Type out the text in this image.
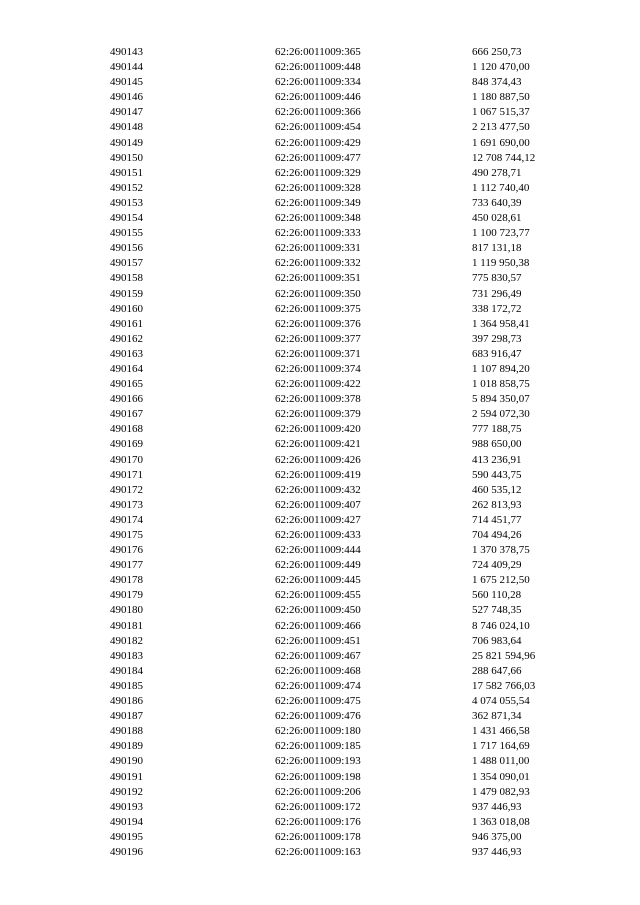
490143	62:26:0011009:365	666 250,73
490144	62:26:0011009:448	1 120 470,00
490145	62:26:0011009:334	848 374,43
490146	62:26:0011009:446	1 180 887,50
490147	62:26:0011009:366	1 067 515,37
490148	62:26:0011009:454	2 213 477,50
490149	62:26:0011009:429	1 691 690,00
490150	62:26:0011009:477	12 708 744,12
490151	62:26:0011009:329	490 278,71
490152	62:26:0011009:328	1 112 740,40
490153	62:26:0011009:349	733 640,39
490154	62:26:0011009:348	450 028,61
490155	62:26:0011009:333	1 100 723,77
490156	62:26:0011009:331	817 131,18
490157	62:26:0011009:332	1 119 950,38
490158	62:26:0011009:351	775 830,57
490159	62:26:0011009:350	731 296,49
490160	62:26:0011009:375	338 172,72
490161	62:26:0011009:376	1 364 958,41
490162	62:26:0011009:377	397 298,73
490163	62:26:0011009:371	683 916,47
490164	62:26:0011009:374	1 107 894,20
490165	62:26:0011009:422	1 018 858,75
490166	62:26:0011009:378	5 894 350,07
490167	62:26:0011009:379	2 594 072,30
490168	62:26:0011009:420	777 188,75
490169	62:26:0011009:421	988 650,00
490170	62:26:0011009:426	413 236,91
490171	62:26:0011009:419	590 443,75
490172	62:26:0011009:432	460 535,12
490173	62:26:0011009:407	262 813,93
490174	62:26:0011009:427	714 451,77
490175	62:26:0011009:433	704 494,26
490176	62:26:0011009:444	1 370 378,75
490177	62:26:0011009:449	724 409,29
490178	62:26:0011009:445	1 675 212,50
490179	62:26:0011009:455	560 110,28
490180	62:26:0011009:450	527 748,35
490181	62:26:0011009:466	8 746 024,10
490182	62:26:0011009:451	706 983,64
490183	62:26:0011009:467	25 821 594,96
490184	62:26:0011009:468	288 647,66
490185	62:26:0011009:474	17 582 766,03
490186	62:26:0011009:475	4 074 055,54
490187	62:26:0011009:476	362 871,34
490188	62:26:0011009:180	1 431 466,58
490189	62:26:0011009:185	1 717 164,69
490190	62:26:0011009:193	1 488 011,00
490191	62:26:0011009:198	1 354 090,01
490192	62:26:0011009:206	1 479 082,93
490193	62:26:0011009:172	937 446,93
490194	62:26:0011009:176	1 363 018,08
490195	62:26:0011009:178	946 375,00
490196	62:26:0011009:163	937 446,93
